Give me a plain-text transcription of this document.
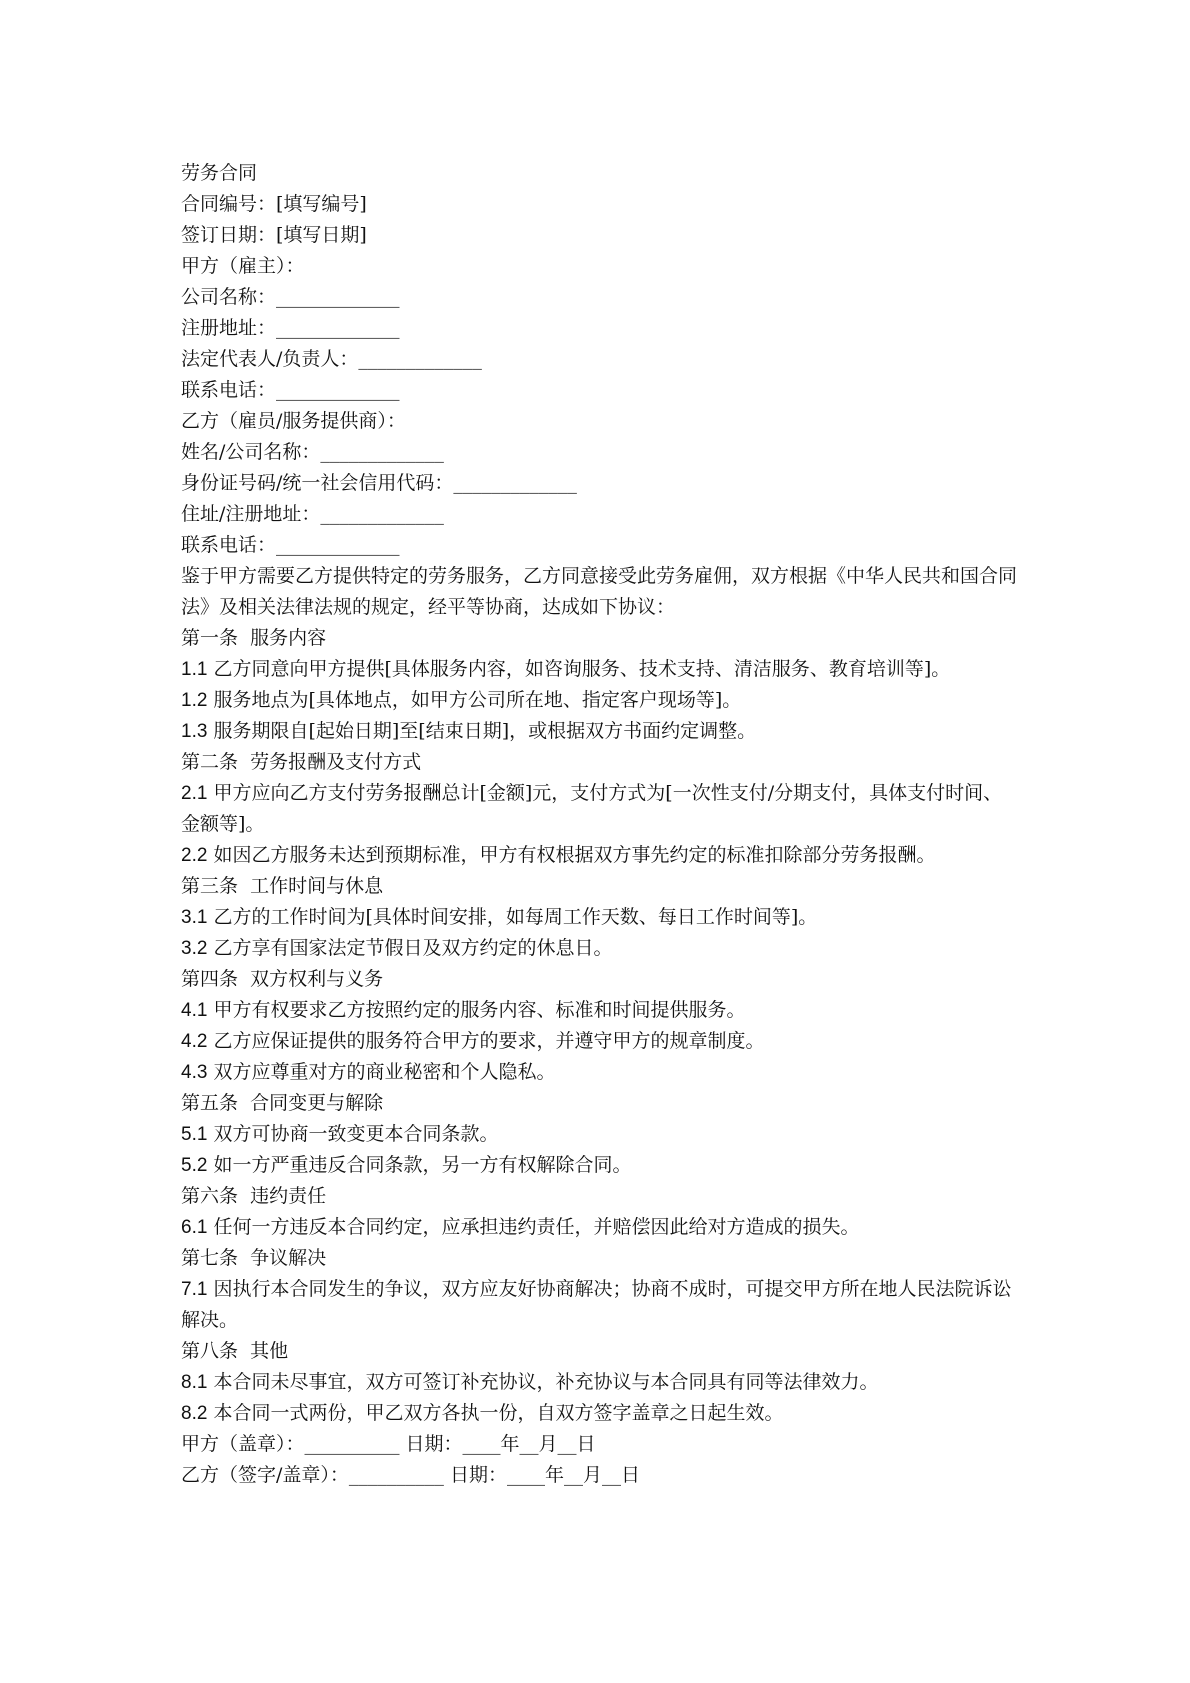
劳务合同
合同编号：[填写编号]
签订日期：[填写日期]
甲方（雇主）：
公司名称：_____________
注册地址：_____________
法定代表人/负责人：_____________
联系电话：_____________
乙方（雇员/服务提供商）：
姓名/公司名称：_____________
身份证号码/统一社会信用代码：_____________
住址/注册地址：_____________
联系电话：_____________
鉴于甲方需要乙方提供特定的劳务服务，乙方同意接受此劳务雇佣，双方根据《中华人民共和国合同法》及相关法律法规的规定，经平等协商，达成如下协议：
第一条  服务内容
1.1 乙方同意向甲方提供[具体服务内容，如咨询服务、技术支持、清洁服务、教育培训等]。
1.2 服务地点为[具体地点，如甲方公司所在地、指定客户现场等]。
1.3 服务期限自[起始日期]至[结束日期]，或根据双方书面约定调整。
第二条  劳务报酬及支付方式
2.1 甲方应向乙方支付劳务报酬总计[金额]元，支付方式为[一次性支付/分期支付，具体支付时间、金额等]。
2.2 如因乙方服务未达到预期标准，甲方有权根据双方事先约定的标准扣除部分劳务报酬。
第三条  工作时间与休息
3.1 乙方的工作时间为[具体时间安排，如每周工作天数、每日工作时间等]。
3.2 乙方享有国家法定节假日及双方约定的休息日。
第四条  双方权利与义务
4.1 甲方有权要求乙方按照约定的服务内容、标准和时间提供服务。
4.2 乙方应保证提供的服务符合甲方的要求，并遵守甲方的规章制度。
4.3 双方应尊重对方的商业秘密和个人隐私。
第五条  合同变更与解除
5.1 双方可协商一致变更本合同条款。
5.2 如一方严重违反合同条款，另一方有权解除合同。
第六条  违约责任
6.1 任何一方违反本合同约定，应承担违约责任，并赔偿因此给对方造成的损失。
第七条  争议解决
7.1 因执行本合同发生的争议，双方应友好协商解决；协商不成时，可提交甲方所在地人民法院诉讼解决。
第八条  其他
8.1 本合同未尽事宜，双方可签订补充协议，补充协议与本合同具有同等法律效力。
8.2 本合同一式两份，甲乙双方各执一份，自双方签字盖章之日起生效。
甲方（盖章）：__________ 日期：____年__月__日
乙方（签字/盖章）：__________ 日期：____年__月__日
